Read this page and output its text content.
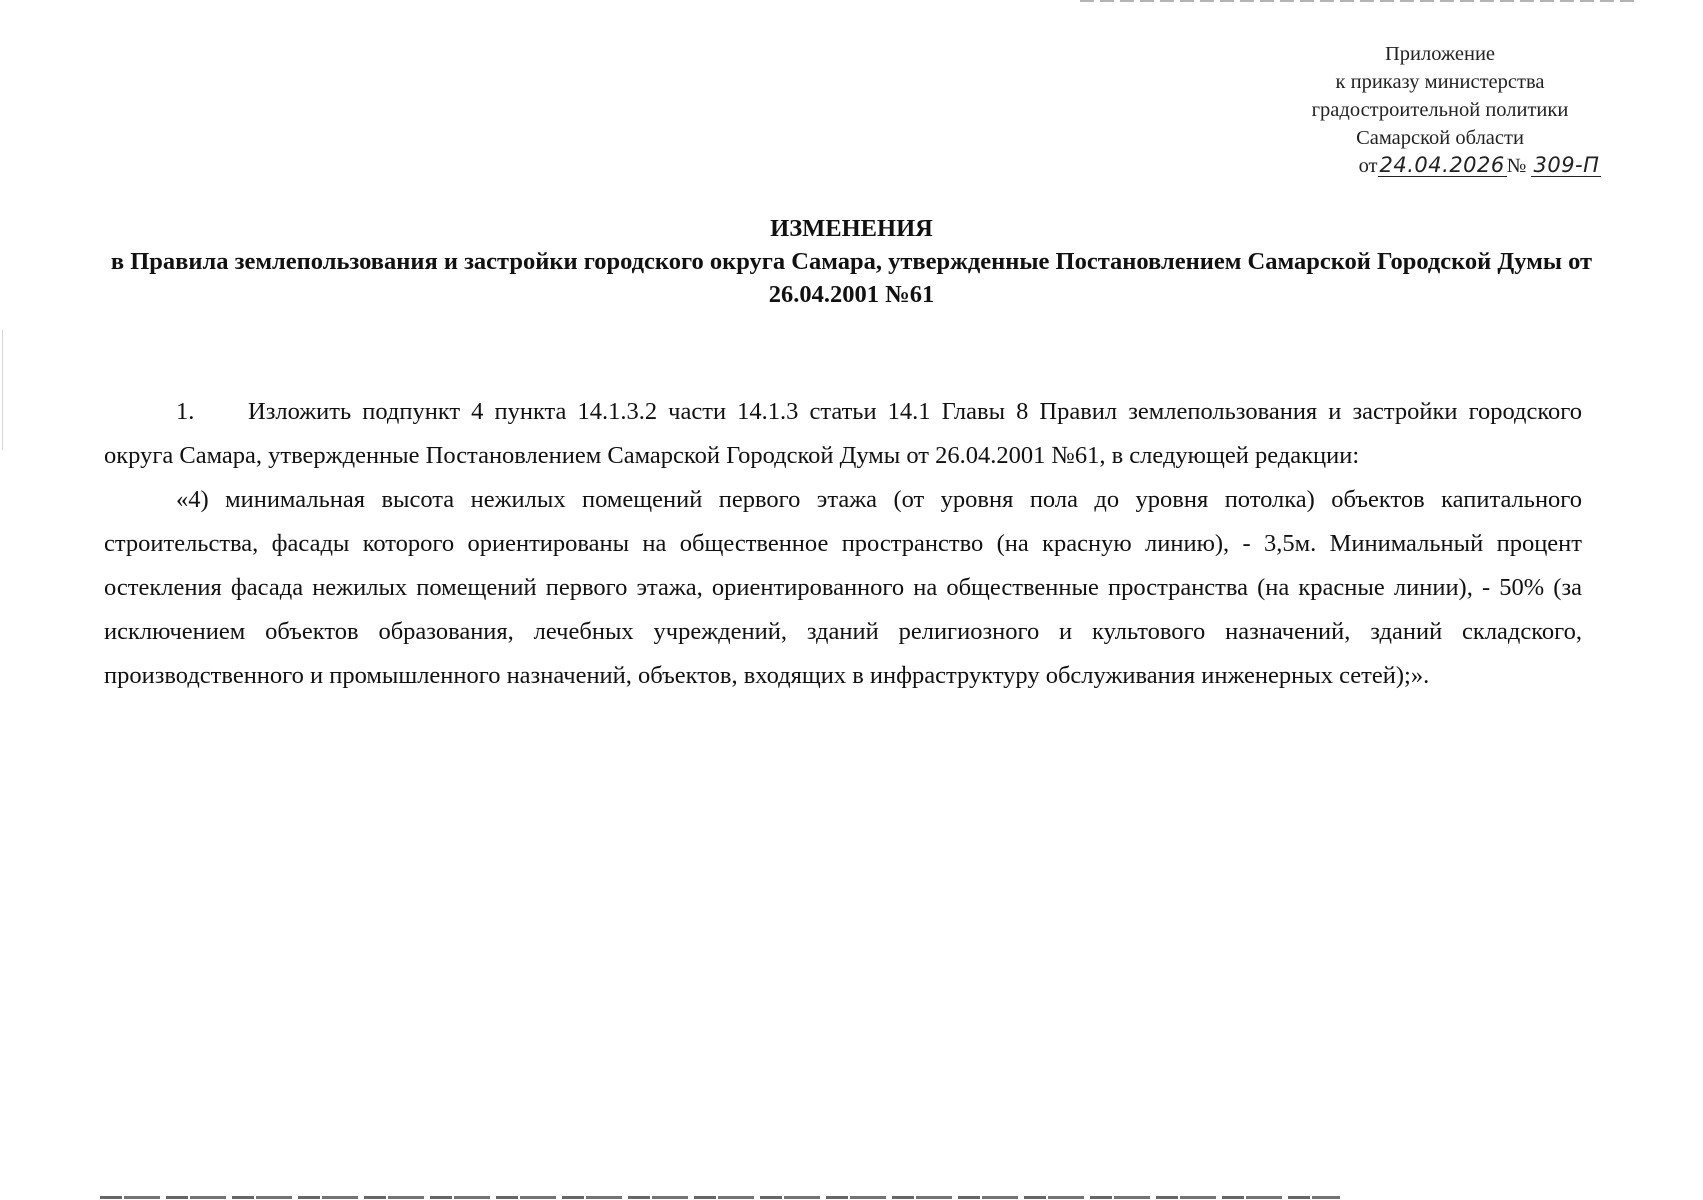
Приложение
к приказу министерства
градостроительной политики
Самарской области
от24.04.2026№ 309-П
ИЗМЕНЕНИЯ
в Правила землепользования и застройки городского округа Самара, утвержденные Постановлением Самарской Городской Думы от 26.04.2001 №61

1. Изложить подпункт 4 пункта 14.1.3.2 части 14.1.3 статьи 14.1 Главы 8 Правил землепользования и застройки городского округа Самара, утвержденные Постановлением Самарской Городской Думы от 26.04.2001 №61, в следующей редакции:

«4) минимальная высота нежилых помещений первого этажа (от уровня пола до уровня потолка) объектов капитального строительства, фасады которого ориентированы на общественное пространство (на красную линию), - 3,5м. Минимальный процент остекления фасада нежилых помещений первого этажа, ориентированного на общественные пространства (на красные линии), - 50% (за исключением объектов образования, лечебных учреждений, зданий религиозного и культового назначений, зданий складского, производственного и промышленного назначений, объектов, входящих в инфраструктуру обслуживания инженерных сетей);».
